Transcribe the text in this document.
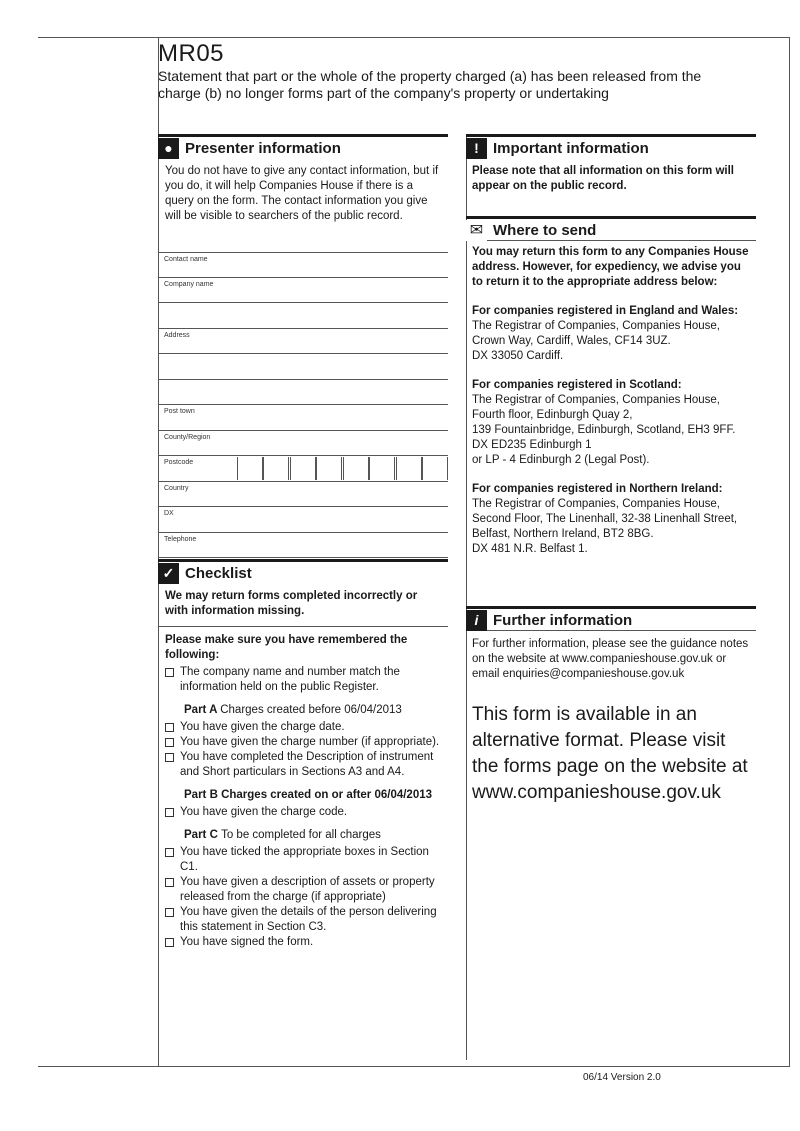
MR05
Statement that part or the whole of the property charged (a) has been released from the charge (b) no longer forms part of the company's property or undertaking
● Presenter information
You do not have to give any contact information, but if you do, it will help Companies House if there is a query on the form. The contact information you give will be visible to searchers of the public record.
Contact name
Company name
Address
Post town
County/Region
Postcode
Country
DX
Telephone
✓ Checklist
We may return forms completed incorrectly or with information missing.
Please make sure you have remembered the following:
The company name and number match the information held on the public Register.
Part A Charges created before 06/04/2013
You have given the charge date.
You have given the charge number (if appropriate).
You have completed the Description of instrument and Short particulars in Sections A3 and A4.
Part B Charges created on or after 06/04/2013
You have given the charge code.
Part C To be completed for all charges
You have ticked the appropriate boxes in Section C1.
You have given a description of assets or property released from the charge (if appropriate)
You have given the details of the person delivering this statement in Section C3.
You have signed the form.
! Important information
Please note that all information on this form will appear on the public record.
✉ Where to send
You may return this form to any Companies House address. However, for expediency, we advise you to return it to the appropriate address below:
For companies registered in England and Wales:
The Registrar of Companies, Companies House,
Crown Way, Cardiff, Wales, CF14 3UZ.
DX 33050 Cardiff.
For companies registered in Scotland:
The Registrar of Companies, Companies House,
Fourth floor, Edinburgh Quay 2,
139 Fountainbridge, Edinburgh, Scotland, EH3 9FF.
DX ED235 Edinburgh 1
or LP - 4 Edinburgh 2 (Legal Post).
For companies registered in Northern Ireland:
The Registrar of Companies, Companies House,
Second Floor, The Linenhall, 32-38 Linenhall Street,
Belfast, Northern Ireland, BT2 8BG.
DX 481 N.R. Belfast 1.
i Further information
For further information, please see the guidance notes on the website at www.companieshouse.gov.uk or email enquiries@companieshouse.gov.uk
This form is available in an alternative format. Please visit the forms page on the website at www.companieshouse.gov.uk
06/14 Version 2.0
